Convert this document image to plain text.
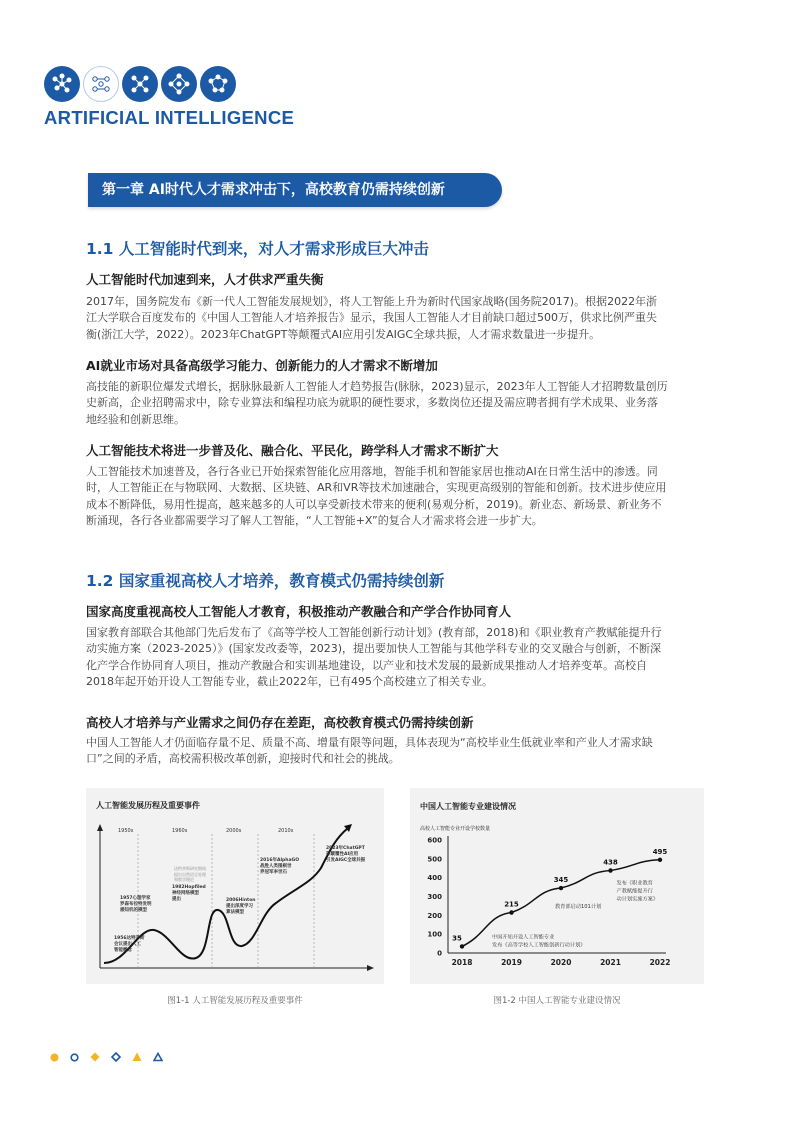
ARTIFICIAL INTELLIGENCE
第一章 AI时代人才需求冲击下，高校教育仍需持续创新
1.1 人工智能时代到来，对人才需求形成巨大冲击
人工智能时代加速到来，人才供求严重失衡
2017年，国务院发布《新一代人工智能发展规划》，将人工智能上升为新时代国家战略(国务院2017)。根据2022年浙
江大学联合百度发布的《中国人工智能人才培养报告》显示，我国人工智能人才目前缺口超过500万，供求比例严重失
衡(浙江大学，2022）。2023年ChatGPT等颠覆式AI应用引发AIGC全球共振，人才需求数量进一步提升。
AI就业市场对具备高级学习能力、创新能力的人才需求不断增加
高技能的新职位爆发式增长，据脉脉最新人工智能人才趋势报告(脉脉，2023)显示，2023年人工智能人才招聘数量创历
史新高，企业招聘需求中，除专业算法和编程功底为就职的硬性要求，多数岗位还提及需应聘者拥有学术成果、业务落
地经验和创新思维。
人工智能技术将进一步普及化、融合化、平民化，跨学科人才需求不断扩大
人工智能技术加速普及，各行各业已开始探索智能化应用落地，智能手机和智能家居也推动AI在日常生活中的渗透。同
时，人工智能正在与物联网、大数据、区块链、AR和VR等技术加速融合，实现更高级别的智能和创新。技术进步使应用
成本不断降低，易用性提高，越来越多的人可以享受新技术带来的便利(易观分析，2019)。新业态、新场景、新业务不
断涌现，各行各业都需要学习了解人工智能，“人工智能+X”的复合人才需求将会进一步扩大。
1.2 国家重视高校人才培养，教育模式仍需持续创新
国家高度重视高校人工智能人才教育，积极推动产教融合和产学合作协同育人
国家教育部联合其他部门先后发布了《高等学校人工智能创新行动计划》(教育部，2018)和《职业教育产教赋能提升行
动实施方案（2023-2025）》(国家发改委等，2023)，提出要加快人工智能与其他学科专业的交叉融合与创新，不断深
化产学合作协同育人项目，推动产教融合和实训基地建设，以产业和技术发展的最新成果推动人才培养变革。高校自
2018年起开始开设人工智能专业，截止2022年，已有495个高校建立了相关专业。
高校人才培养与产业需求之间仍存在差距，高校教育模式仍需持续创新
中国人工智能人才仍面临存量不足、质量不高、增量有限等问题，具体表现为“高校毕业生低就业率和产业人才需求缺
口”之间的矛盾，高校需积极改革创新，迎接时代和社会的挑战。
人工智能发展历程及重要事件
1950s	1960s	2000s	2010s
1956达特茅斯
会议提出人工
智能概念
1957心理学家
罗森布拉特发明
感知机的模型
达特茅斯研究期间
提出自然语言处理
和数学理论
1982Hopfiled
神经网络模型
提出	2006Hinton
提出深度学习
算法模型
2016年AlphaGO
战胜人类围棋世
界冠军李世石
2023年ChatGPT
等颠覆性AI应用
引发AIGC全球共振
图1-1 人工智能发展历程及重要事件
中国人工智能专业建设情况
高校人工智能专业开设学校数量
0
100
200
300
400
500
600
2018	2019	2020	2021	2022
35
215
345
438
495
中国开始开设人工智能专业
发布《高等学校人工智能创新行动计划》
教育部启动101计划
发布《职业教育
产教赋能提升行
动计划实施方案》
图1-2 中国人工智能专业建设情况
